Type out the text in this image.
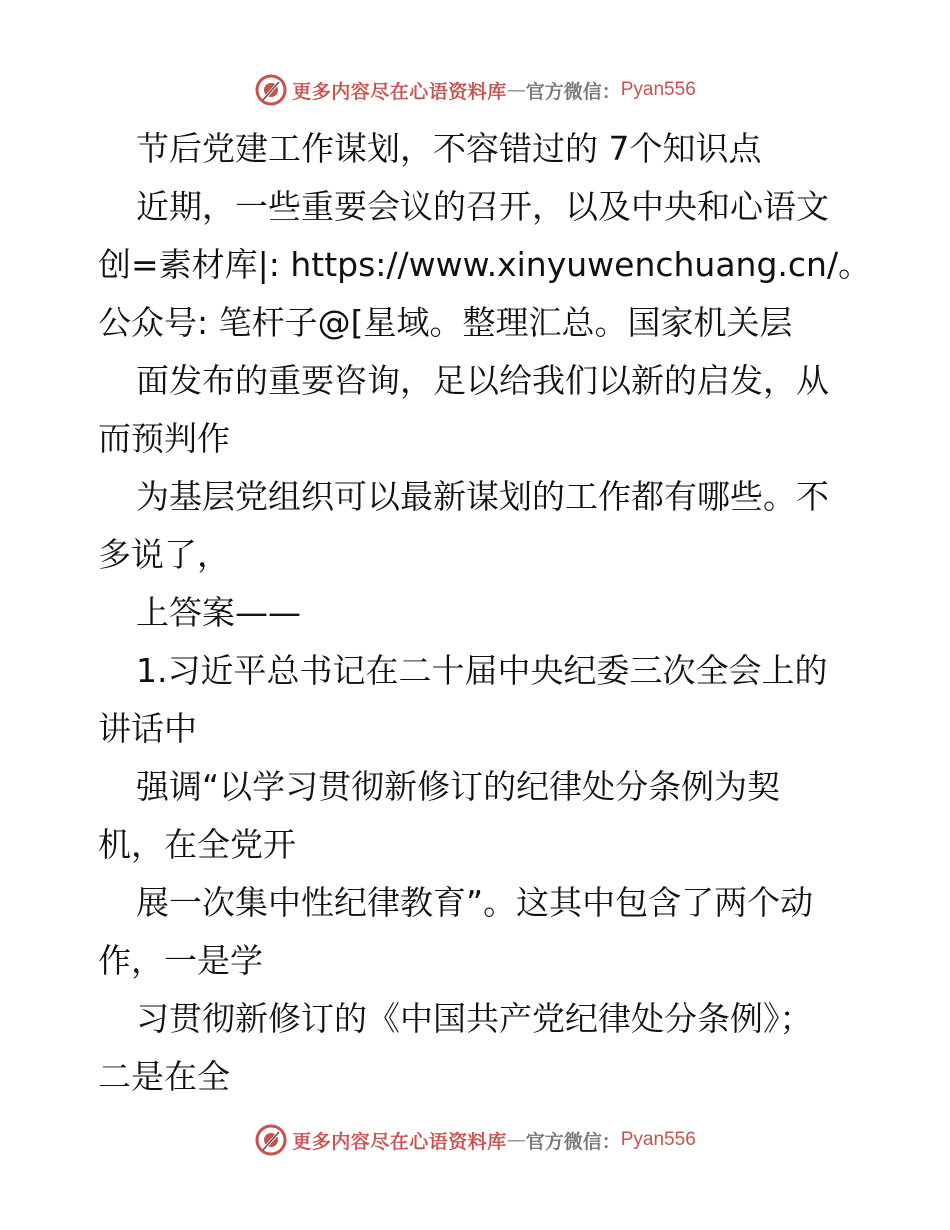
更多内容尽在心语资料库 — 官方微信： Pyan556
节后党建工作谋划，不容错过的 7个知识点
近期，一些重要会议的召开，以及中央和心语文
创=素材库|: https://www.xinyuwenchuang.cn/。
公众号: 笔杆子@[星域。整理汇总。国家机关层
面发布的重要咨询，足以给我们以新的启发，从
而预判作
为基层党组织可以最新谋划的工作都有哪些。不
多说了，
上答案——
1.习近平总书记在二十届中央纪委三次全会上的
讲话中
强调“以学习贯彻新修订的纪律处分条例为契
机，在全党开
展一次集中性纪律教育”。这其中包含了两个动
作，一是学
习贯彻新修订的《中国共产党纪律处分条例》；
二是在全
更多内容尽在心语资料库 — 官方微信： Pyan556
